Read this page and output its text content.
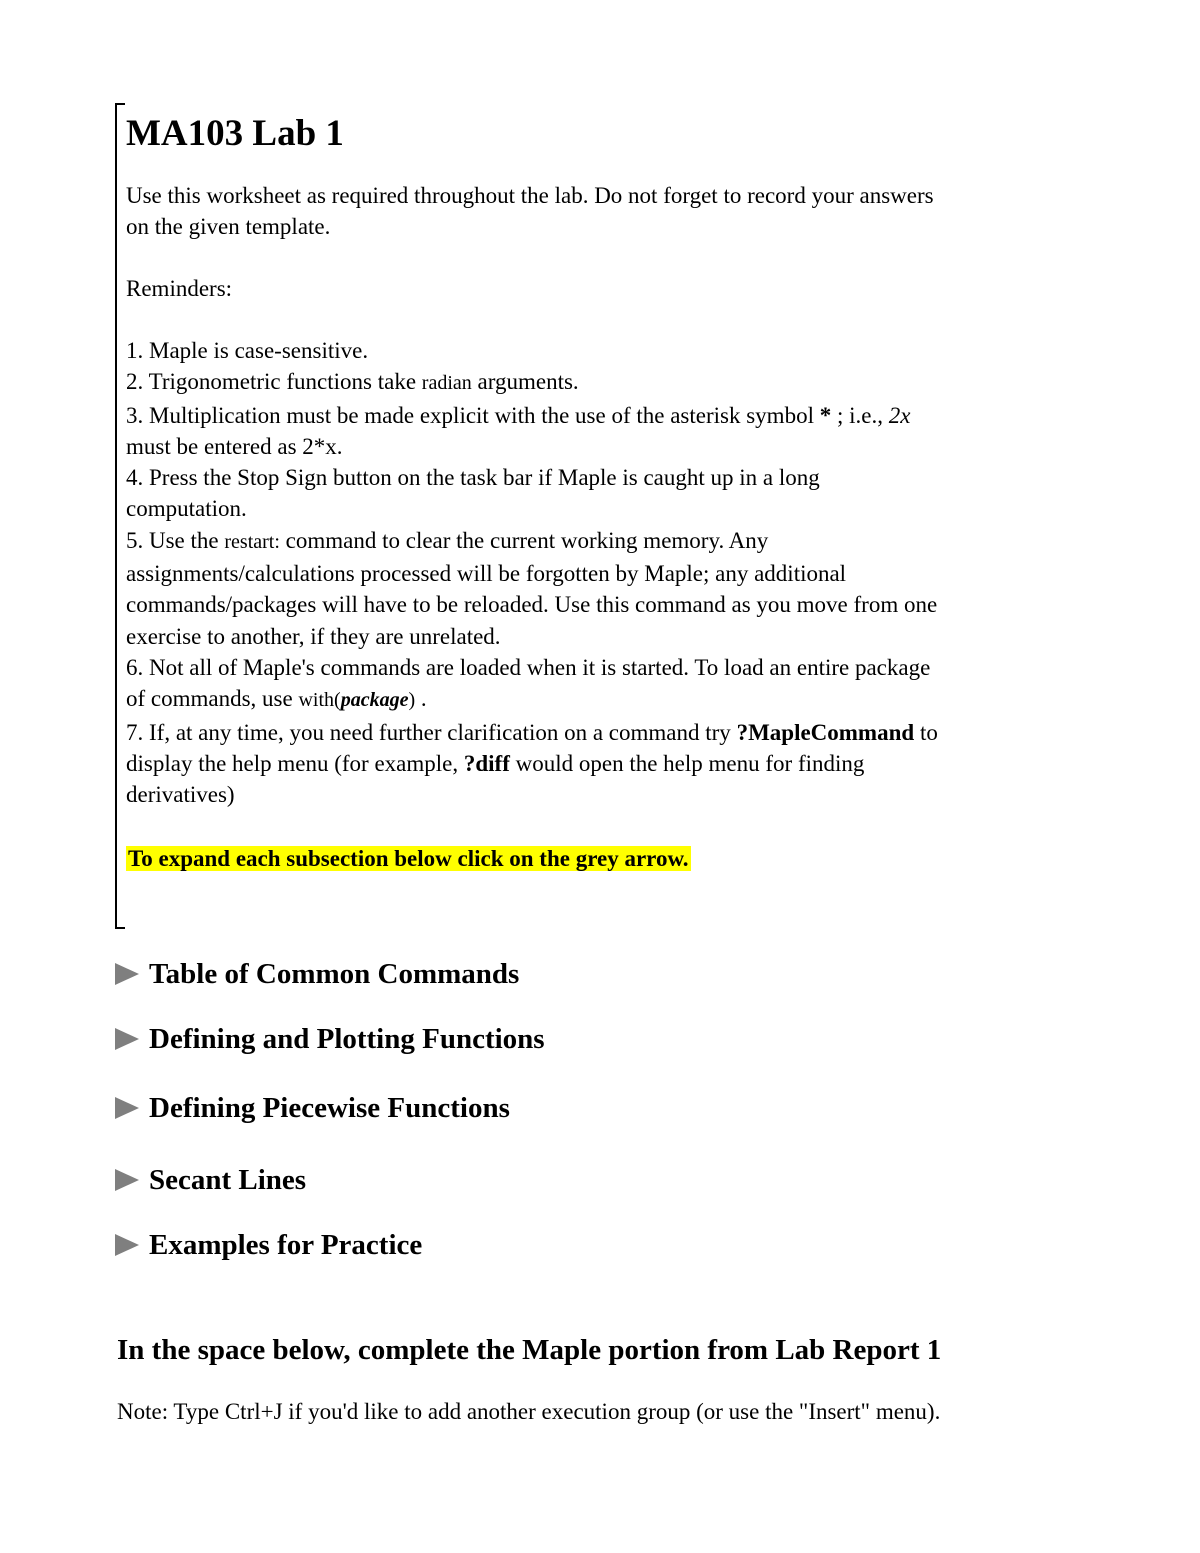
MA103 Lab 1

Use this worksheet as required throughout the lab. Do not forget to record your answers
on the given template.

Reminders:

1. Maple is case-sensitive.
2. Trigonometric functions take radian arguments.
3. Multiplication must be made explicit with the use of the asterisk symbol * ; i.e., 2x
must be entered as 2*x.
4. Press the Stop Sign button on the task bar if Maple is caught up in a long
computation.
5. Use the restart: command to clear the current working memory. Any
assignments/calculations processed will be forgotten by Maple; any additional
commands/packages will have to be reloaded. Use this command as you move from one
exercise to another, if they are unrelated.
6. Not all of Maple's commands are loaded when it is started. To load an entire package
of commands, use with(package) .
7. If, at any time, you need further clarification on a command try ?MapleCommand to
display the help menu (for example, ?diff would open the help menu for finding
derivatives)
To expand each subsection below click on the grey arrow.
Table of Common Commands
Defining and Plotting Functions
Defining Piecewise Functions
Secant Lines
Examples for Practice
In the space below, complete the Maple portion from Lab Report 1
Note: Type Ctrl+J if you'd like to add another execution group (or use the "Insert" menu).
